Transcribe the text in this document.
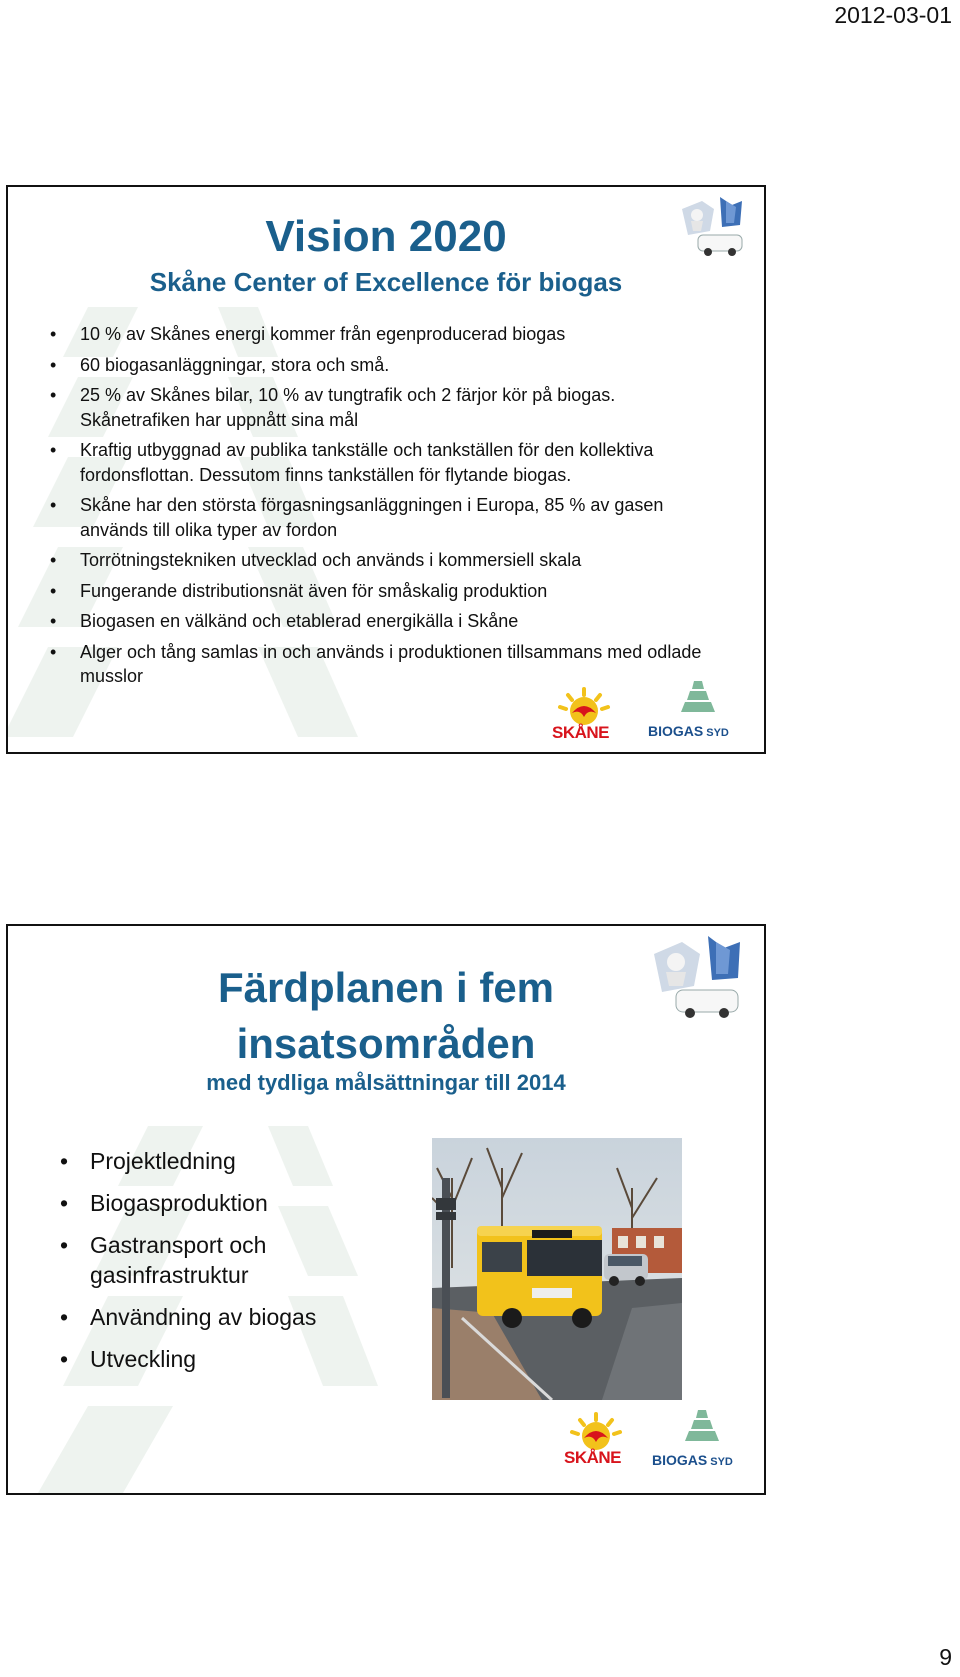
2012-03-01
Vision 2020
Skåne Center of Excellence för biogas
• 10 % av Skånes energi kommer från egenproducerad biogas
• 60 biogasanläggningar, stora och små.
• 25 % av Skånes bilar, 10 % av tungtrafik och 2 färjor kör på biogas. Skånetrafiken har uppnått sina mål
• Kraftig utbyggnad av publika tankställe och tankställen för den kollektiva fordonsflottan. Dessutom finns tankställen för flytande biogas.
• Skåne har den största förgasningsanläggningen i Europa, 85 % av gasen används till olika typer av fordon
• Torrötningstekniken utvecklad och används i kommersiell skala
• Fungerande distributionsnät även för småskalig produktion
• Biogasen en välkänd och etablerad energikälla i Skåne
• Alger och tång samlas in och används i produktionen tillsammans med odlade musslor
SKÅNE	BIOGAS SYD
Färdplanen i fem
insatsområden
med tydliga målsättningar till 2014
• Projektledning
• Biogasproduktion
• Gastransport och gasinfrastruktur
• Användning av biogas
• Utveckling
SKÅNE BIOGAS SYD
9
